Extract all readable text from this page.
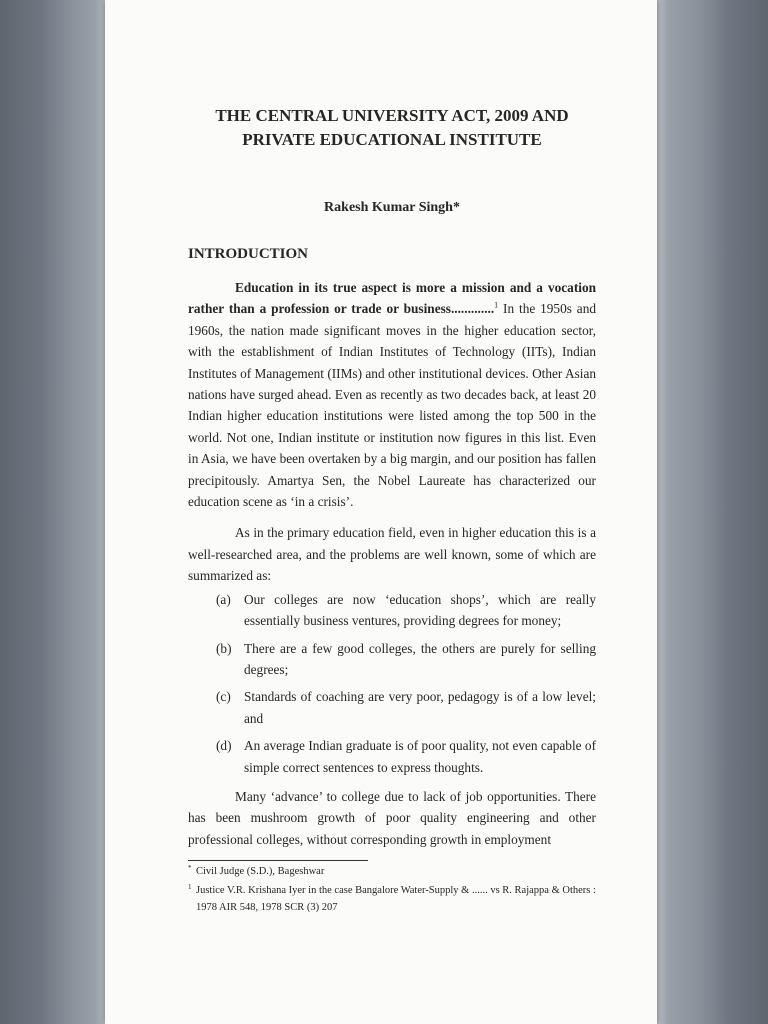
THE CENTRAL UNIVERSITY ACT, 2009 AND
PRIVATE EDUCATIONAL INSTITUTE
Rakesh Kumar Singh*
INTRODUCTION

Education in its true aspect is more a mission and a vocation rather than a profession or trade or business.............$^1$ In the 1950s and 1960s, the nation made significant moves in the higher education sector, with the establishment of Indian Institutes of Technology (IITs), Indian Institutes of Management (IIMs) and other institutional devices. Other Asian nations have surged ahead. Even as recently as two decades back, at least 20 Indian higher education institutions were listed among the top 500 in the world. Not one, Indian institute or institution now figures in this list. Even in Asia, we have been overtaken by a big margin, and our position has fallen precipitously. Amartya Sen, the Nobel Laureate has characterized our education scene as ‘in a crisis’.

As in the primary education field, even in higher education this is a well-researched area, and the problems are well known, some of which are summarized as:

(a) Our colleges are now ‘education shops’, which are really essentially business ventures, providing degrees for money;
(b) There are a few good colleges, the others are purely for selling degrees;
(c) Standards of coaching are very poor, pedagogy is of a low level; and
(d) An average Indian graduate is of poor quality, not even capable of simple correct sentences to express thoughts.

Many ‘advance’ to college due to lack of job opportunities. There has been mushroom growth of poor quality engineering and other professional colleges, without corresponding growth in employment

* Civil Judge (S.D.), Bageshwar
1 Justice V.R. Krishana Iyer in the case Bangalore Water-Supply & ...... vs R. Rajappa & Others : 1978 AIR 548, 1978 SCR (3) 207
